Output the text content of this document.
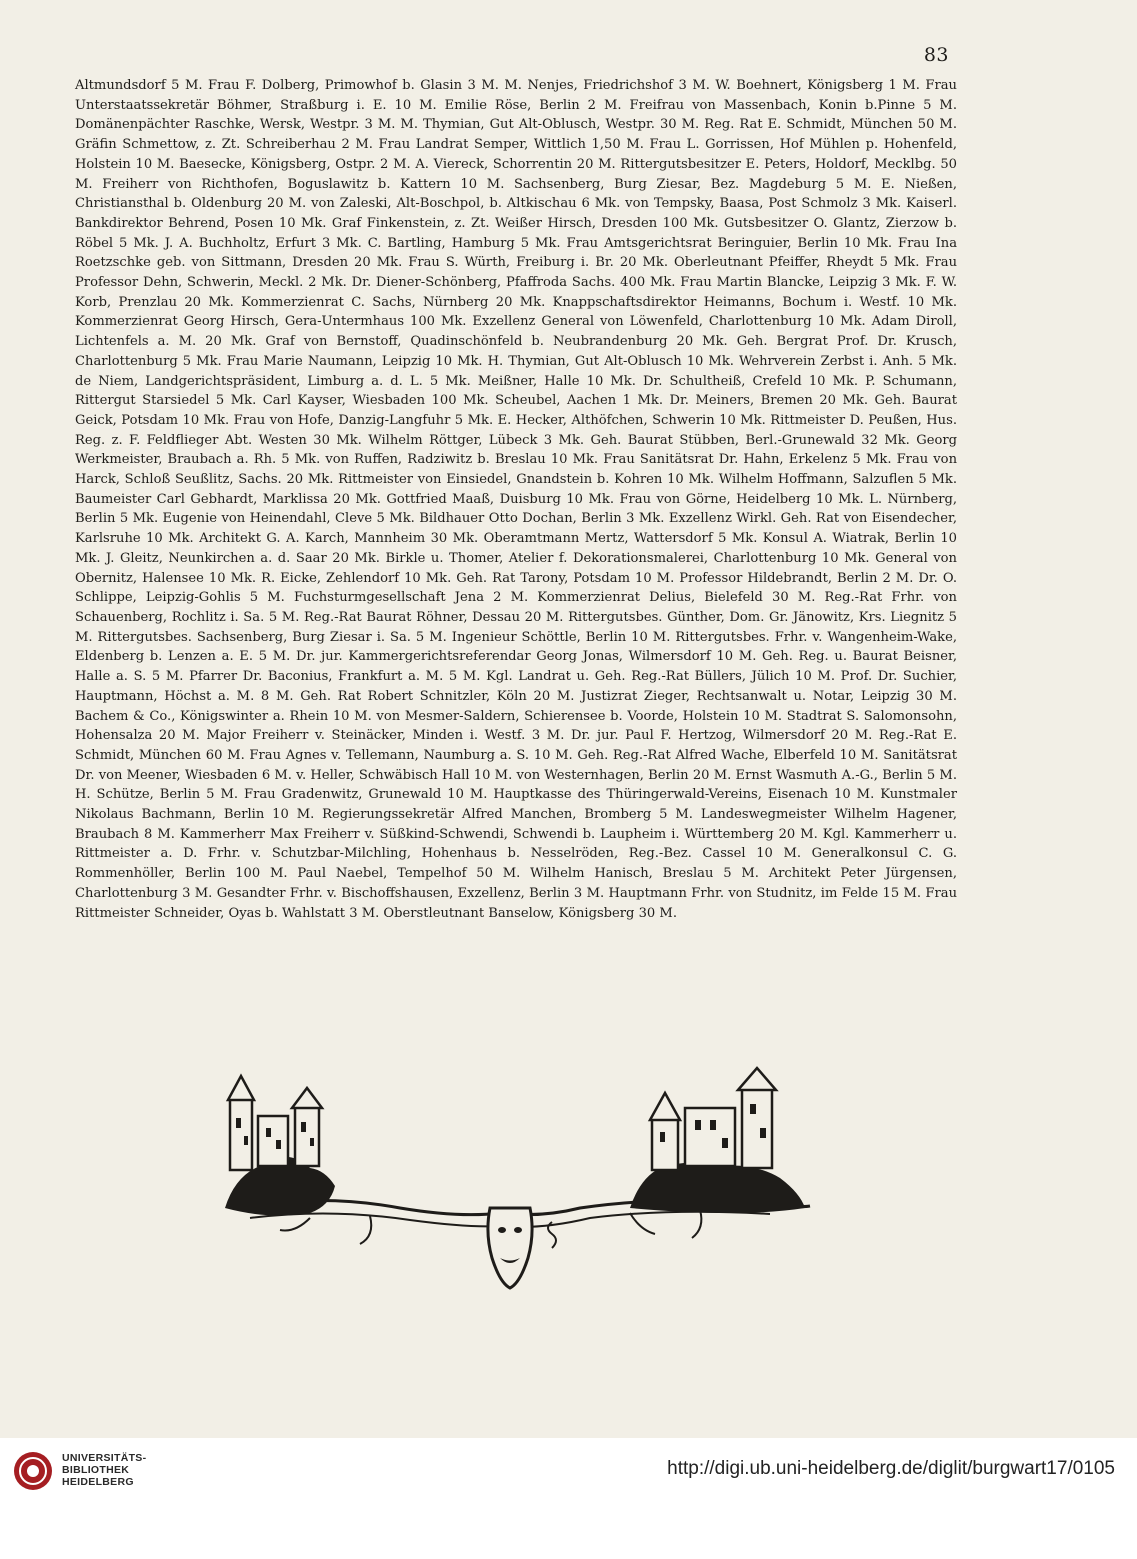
83

Altmundsdorf 5 M. Frau F. Dolberg, Primowhof b. Glasin 3 M. M. Nenjes, Friedrichshof 3 M. W. Boehnert, Königsberg 1 M. Frau Unterstaatssekretär Böhmer, Straßburg i. E. 10 M. Emilie Röse, Berlin 2 M. Freifrau von Massenbach, Konin b.Pinne 5 M. Domänenpächter Raschke, Wersk, Westpr. 3 M. M. Thymian, Gut Alt-Oblusch, Westpr. 30 M. Reg. Rat E. Schmidt, München 50 M. Gräfin Schmettow, z. Zt. Schreiberhau 2 M. Frau Landrat Semper, Wittlich 1,50 M. Frau L. Gorrissen, Hof Mühlen p. Hohenfeld, Holstein 10 M. Baesecke, Königsberg, Ostpr. 2 M. A. Viereck, Schorrentin 20 M. Rittergutsbesitzer E. Peters, Holdorf, Mecklbg. 50 M. Freiherr von Richthofen, Boguslawitz b. Kattern 10 M. Sachsenberg, Burg Ziesar, Bez. Magdeburg 5 M. E. Nießen, Christiansthal b. Oldenburg 20 M. von Zaleski, Alt-Boschpol, b. Altkischau 6 Mk. von Tempsky, Baasa, Post Schmolz 3 Mk. Kaiserl. Bankdirektor Behrend, Posen 10 Mk. Graf Finkenstein, z. Zt. Weißer Hirsch, Dresden 100 Mk. Gutsbesitzer O. Glantz, Zierzow b. Röbel 5 Mk. J. A. Buchholtz, Erfurt 3 Mk. C. Bartling, Hamburg 5 Mk. Frau Amtsgerichtsrat Beringuier, Berlin 10 Mk. Frau Ina Roetzschke geb. von Sittmann, Dresden 20 Mk. Frau S. Würth, Freiburg i. Br. 20 Mk. Oberleutnant Pfeiffer, Rheydt 5 Mk. Frau Professor Dehn, Schwerin, Meckl. 2 Mk. Dr. Diener-Schönberg, Pfaffroda Sachs. 400 Mk. Frau Martin Blancke, Leipzig 3 Mk. F. W. Korb, Prenzlau 20 Mk. Kommerzienrat C. Sachs, Nürnberg 20 Mk. Knappschaftsdirektor Heimanns, Bochum i. Westf. 10 Mk. Kommerzienrat Georg Hirsch, Gera-Untermhaus 100 Mk. Exzellenz General von Löwenfeld, Charlottenburg 10 Mk. Adam Diroll, Lichtenfels a. M. 20 Mk. Graf von Bernstoff, Quadinschönfeld b. Neubrandenburg 20 Mk. Geh. Bergrat Prof. Dr. Krusch, Charlottenburg 5 Mk. Frau Marie Naumann, Leipzig 10 Mk. H. Thymian, Gut Alt-Oblusch 10 Mk. Wehrverein Zerbst i. Anh. 5 Mk. de Niem, Landgerichtspräsident, Limburg a. d. L. 5 Mk. Meißner, Halle 10 Mk. Dr. Schultheiß, Crefeld 10 Mk. P. Schumann, Rittergut Starsiedel 5 Mk. Carl Kayser, Wiesbaden 100 Mk. Scheubel, Aachen 1 Mk. Dr. Meiners, Bremen 20 Mk. Geh. Baurat Geick, Potsdam 10 Mk. Frau von Hofe, Danzig-Langfuhr 5 Mk. E. Hecker, Althöfchen, Schwerin 10 Mk. Rittmeister D. Peußen, Hus. Reg. z. F. Feldflieger Abt. Westen 30 Mk. Wilhelm Röttger, Lübeck 3 Mk. Geh. Baurat Stübben, Berl.-Grunewald 32 Mk. Georg Werkmeister, Braubach a. Rh. 5 Mk. von Ruffen, Radziwitz b. Breslau 10 Mk. Frau Sanitätsrat Dr. Hahn, Erkelenz 5 Mk. Frau von Harck, Schloß Seußlitz, Sachs. 20 Mk. Rittmeister von Einsiedel, Gnandstein b. Kohren 10 Mk. Wilhelm Hoffmann, Salzuflen 5 Mk. Baumeister Carl Gebhardt, Marklissa 20 Mk. Gottfried Maaß, Duisburg 10 Mk. Frau von Görne, Heidelberg 10 Mk. L. Nürnberg, Berlin 5 Mk. Eugenie von Heinendahl, Cleve 5 Mk. Bildhauer Otto Dochan, Berlin 3 Mk. Exzellenz Wirkl. Geh. Rat von Eisendecher, Karlsruhe 10 Mk. Architekt G. A. Karch, Mannheim 30 Mk. Oberamtmann Mertz, Wattersdorf 5 Mk. Konsul A. Wiatrak, Berlin 10 Mk. J. Gleitz, Neunkirchen a. d. Saar 20 Mk. Birkle u. Thomer, Atelier f. Dekorationsmalerei, Charlottenburg 10 Mk. General von Obernitz, Halensee 10 Mk. R. Eicke, Zehlendorf 10 Mk. Geh. Rat Tarony, Potsdam 10 M. Professor Hildebrandt, Berlin 2 M. Dr. O. Schlippe, Leipzig-Gohlis 5 M. Fuchsturmgesellschaft Jena 2 M. Kommerzienrat Delius, Bielefeld 30 M. Reg.-Rat Frhr. von Schauenberg, Rochlitz i. Sa. 5 M. Reg.-Rat Baurat Röhner, Dessau 20 M. Rittergutsbes. Günther, Dom. Gr. Jänowitz, Krs. Liegnitz 5 M. Rittergutsbes. Sachsenberg, Burg Ziesar i. Sa. 5 M. Ingenieur Schöttle, Berlin 10 M. Rittergutsbes. Frhr. v. Wangenheim-Wake, Eldenberg b. Lenzen a. E. 5 M. Dr. jur. Kammergerichtsreferendar Georg Jonas, Wilmersdorf 10 M. Geh. Reg. u. Baurat Beisner, Halle a. S. 5 M. Pfarrer Dr. Baconius, Frankfurt a. M. 5 M. Kgl. Landrat u. Geh. Reg.-Rat Büllers, Jülich 10 M. Prof. Dr. Suchier, Hauptmann, Höchst a. M. 8 M. Geh. Rat Robert Schnitzler, Köln 20 M. Justizrat Zieger, Rechtsanwalt u. Notar, Leipzig 30 M. Bachem & Co., Königswinter a. Rhein 10 M. von Mesmer-Saldern, Schierensee b. Voorde, Holstein 10 M. Stadtrat S. Salomonsohn, Hohensalza 20 M. Major Freiherr v. Steinäcker, Minden i. Westf. 3 M. Dr. jur. Paul F. Hertzog, Wilmersdorf 20 M. Reg.-Rat E. Schmidt, München 60 M. Frau Agnes v. Tellemann, Naumburg a. S. 10 M. Geh. Reg.-Rat Alfred Wache, Elberfeld 10 M. Sanitätsrat Dr. von Meener, Wiesbaden 6 M. v. Heller, Schwäbisch Hall 10 M. von Westernhagen, Berlin 20 M. Ernst Wasmuth A.-G., Berlin 5 M. H. Schütze, Berlin 5 M. Frau Gradenwitz, Grunewald 10 M. Hauptkasse des Thüringerwald-Vereins, Eisenach 10 M. Kunstmaler Nikolaus Bachmann, Berlin 10 M. Regierungssekretär Alfred Manchen, Bromberg 5 M. Landeswegmeister Wilhelm Hagener, Braubach 8 M. Kammerherr Max Freiherr v. Süßkind-Schwendi, Schwendi b. Laupheim i. Württemberg 20 M. Kgl. Kammerherr u. Rittmeister a. D. Frhr. v. Schutzbar-Milchling, Hohenhaus b. Nesselröden, Reg.-Bez. Cassel 10 M. Generalkonsul C. G. Rommenhöller, Berlin 100 M. Paul Naebel, Tempelhof 50 M. Wilhelm Hanisch, Breslau 5 M. Architekt Peter Jürgensen, Charlottenburg 3 M. Gesandter Frhr. v. Bischoffshausen, Exzellenz, Berlin 3 M. Hauptmann Frhr. von Studnitz, im Felde 15 M. Frau Rittmeister Schneider, Oyas b. Wahlstatt 3 M. Oberstleutnant Banselow, Königsberg 30 M.

UNIVERSITÄTS-
BIBLIOTHEK
HEIDELBERG
http://digi.ub.uni-heidelberg.de/diglit/burgwart17/0105
